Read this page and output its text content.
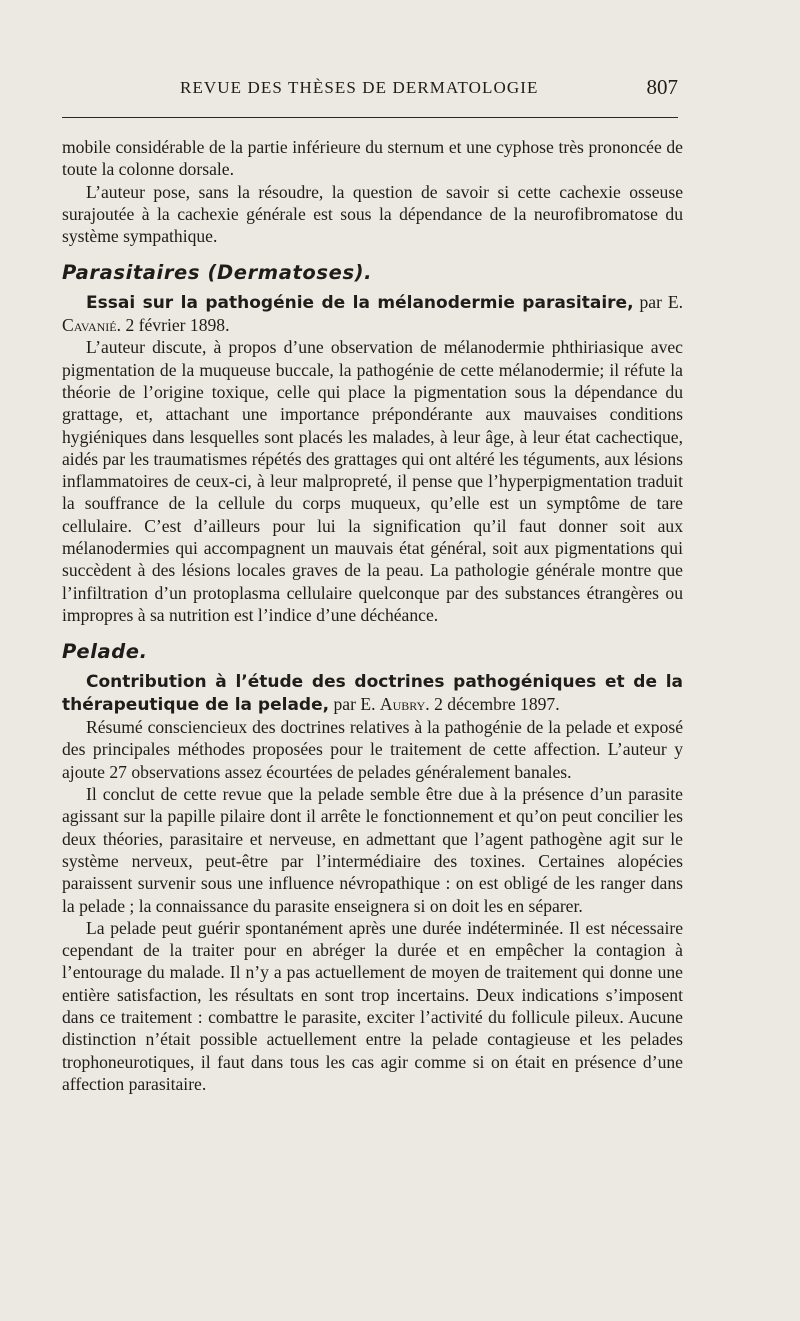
REVUE DES THÈSES DE DERMATOLOGIE	807

mobile considérable de la partie inférieure du sternum et une cyphose très prononcée de toute la colonne dorsale.

L’auteur pose, sans la résoudre, la question de savoir si cette cachexie osseuse surajoutée à la cachexie générale est sous la dépendance de la neurofibromatose du système sympathique.

Parasitaires (Dermatoses).

Essai sur la pathogénie de la mélanodermie parasitaire, par E. Cavanié. 2 février 1898.

L’auteur discute, à propos d’une observation de mélanodermie phthiriasique avec pigmentation de la muqueuse buccale, la pathogénie de cette mélanodermie; il réfute la théorie de l’origine toxique, celle qui place la pigmentation sous la dépendance du grattage, et, attachant une importance prépondérante aux mauvaises conditions hygiéniques dans lesquelles sont placés les malades, à leur âge, à leur état cachectique, aidés par les traumatismes répétés des grattages qui ont altéré les téguments, aux lésions inflammatoires de ceux-ci, à leur malpropreté, il pense que l’hyperpigmentation traduit la souffrance de la cellule du corps muqueux, qu’elle est un symptôme de tare cellulaire. C’est d’ailleurs pour lui la signification qu’il faut donner soit aux mélanodermies qui accompagnent un mauvais état général, soit aux pigmentations qui succèdent à des lésions locales graves de la peau. La pathologie générale montre que l’infiltration d’un protoplasma cellulaire quelconque par des substances étrangères ou impropres à sa nutrition est l’indice d’une déchéance.

Pelade.

Contribution à l’étude des doctrines pathogéniques et de la thérapeutique de la pelade, par E. Aubry. 2 décembre 1897.

Résumé consciencieux des doctrines relatives à la pathogénie de la pelade et exposé des principales méthodes proposées pour le traitement de cette affection. L’auteur y ajoute 27 observations assez écourtées de pelades généralement banales.

Il conclut de cette revue que la pelade semble être due à la présence d’un parasite agissant sur la papille pilaire dont il arrête le fonctionnement et qu’on peut concilier les deux théories, parasitaire et nerveuse, en admettant que l’agent pathogène agit sur le système nerveux, peut-être par l’intermédiaire des toxines. Certaines alopécies paraissent survenir sous une influence névropathique : on est obligé de les ranger dans la pelade ; la connaissance du parasite enseignera si on doit les en séparer.

La pelade peut guérir spontanément après une durée indéterminée. Il est nécessaire cependant de la traiter pour en abréger la durée et en empêcher la contagion à l’entourage du malade. Il n’y a pas actuellement de moyen de traitement qui donne une entière satisfaction, les résultats en sont trop incertains. Deux indications s’imposent dans ce traitement : combattre le parasite, exciter l’activité du follicule pileux. Aucune distinction n’était possible actuellement entre la pelade contagieuse et les pelades trophoneurotiques, il faut dans tous les cas agir comme si on était en présence d’une affection parasitaire.
